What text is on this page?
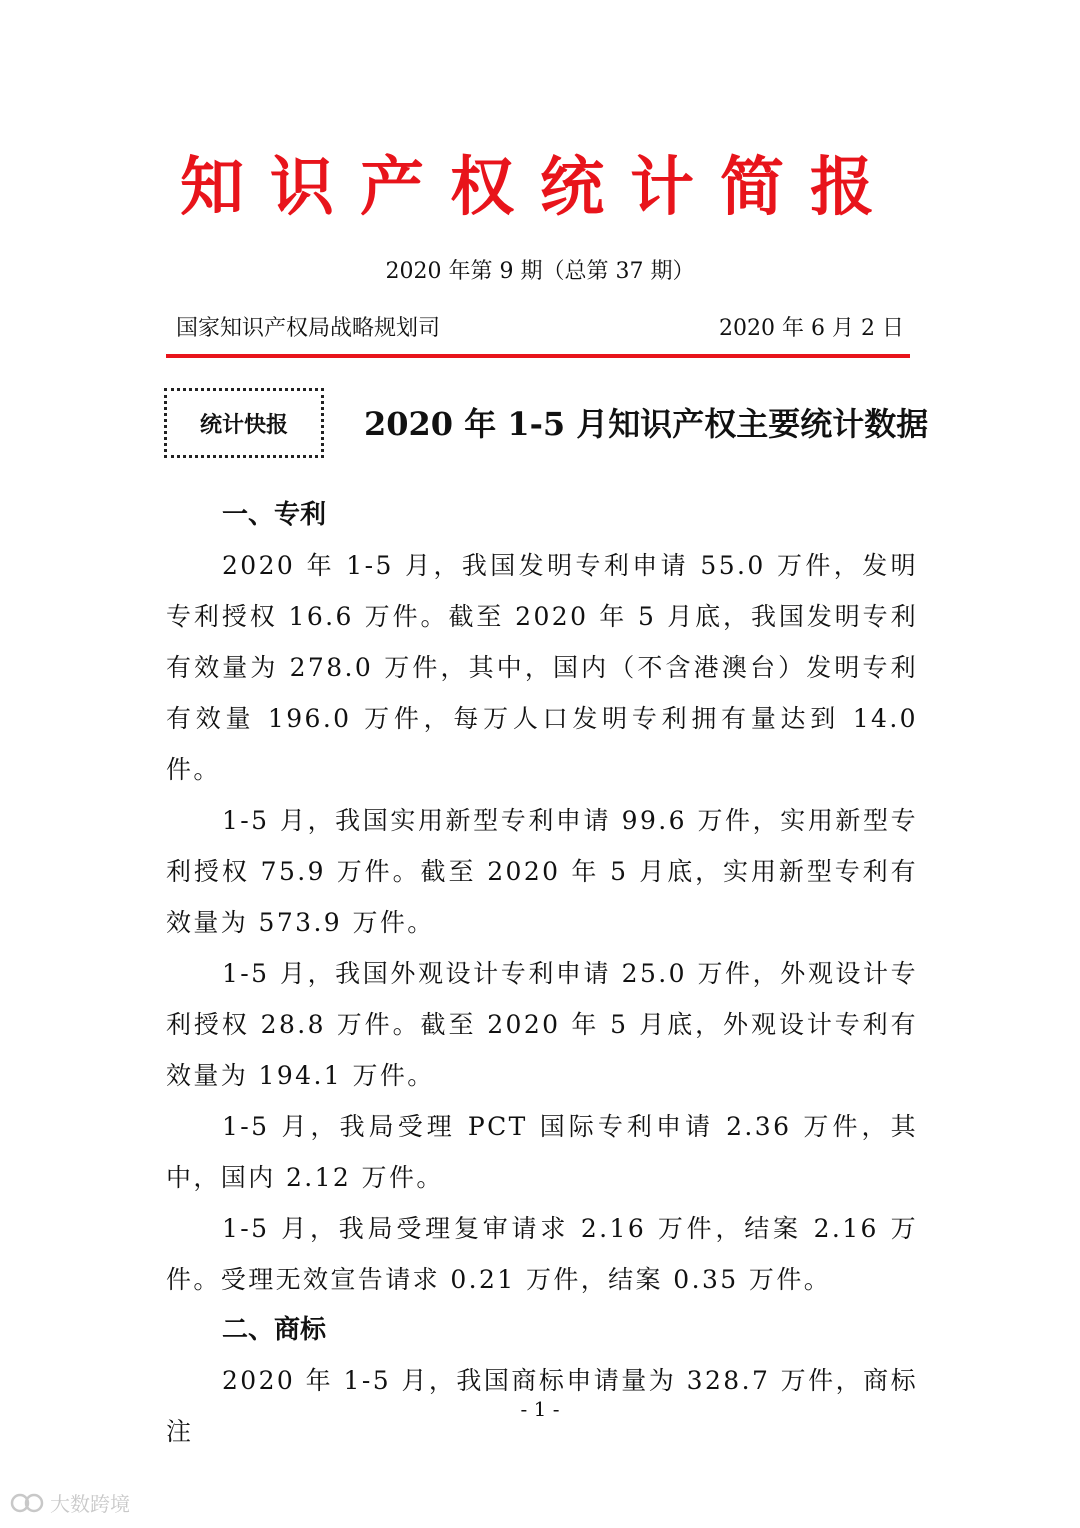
知识产权统计简报
2020 年第 9 期（总第 37 期）
国家知识产权局战略规划司	2020 年 6 月 2 日
统计快报 2020 年 1-5 月知识产权主要统计数据

一、专利

2020 年 1-5 月，我国发明专利申请 55.0 万件，发明专利授权 16.6 万件。截至 2020 年 5 月底，我国发明专利有效量为 278.0 万件，其中，国内（不含港澳台）发明专利有效量 196.0 万件，每万人口发明专利拥有量达到 14.0 件。

1-5 月，我国实用新型专利申请 99.6 万件，实用新型专利授权 75.9 万件。截至 2020 年 5 月底，实用新型专利有效量为 573.9 万件。

1-5 月，我国外观设计专利申请 25.0 万件，外观设计专利授权 28.8 万件。截至 2020 年 5 月底，外观设计专利有效量为 194.1 万件。

1-5 月，我局受理 PCT 国际专利申请 2.36 万件，其中，国内 2.12 万件。

1-5 月，我局受理复审请求 2.16 万件，结案 2.16 万件。受理无效宣告请求 0.21 万件，结案 0.35 万件。

二、商标

2020 年 1-5 月，我国商标申请量为 328.7 万件，商标注

- 1 -
大数跨境
